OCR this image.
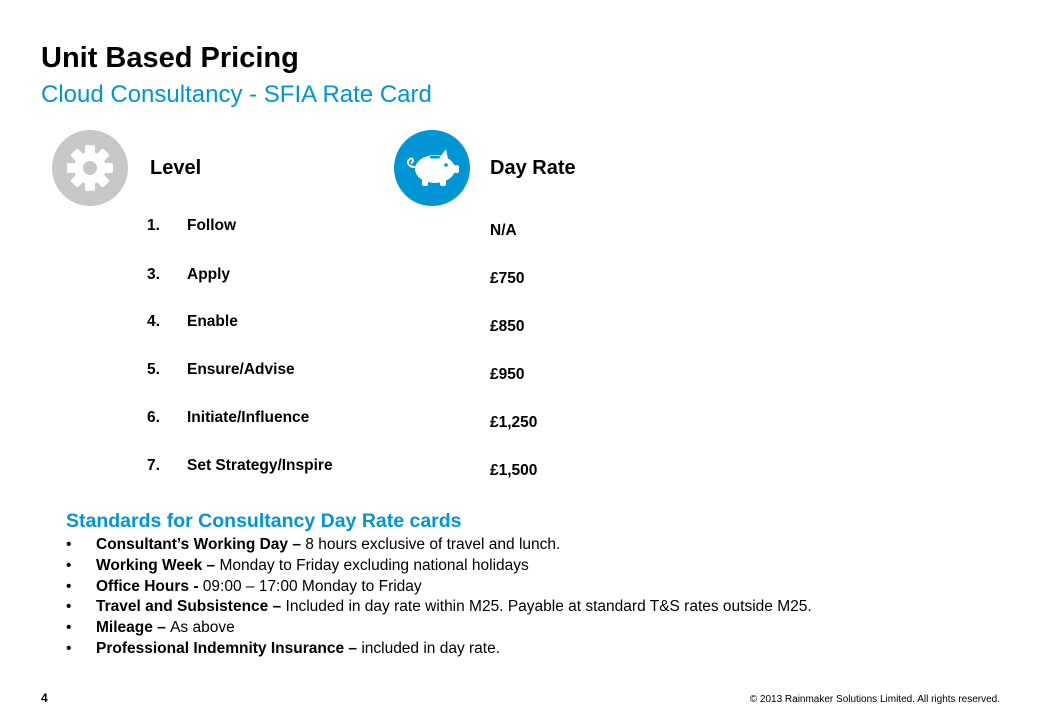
Unit Based Pricing
Cloud Consultancy - SFIA Rate Card
Level	Day Rate
1. Follow
3. Apply
4. Enable
5. Ensure/Advise
6. Initiate/Influence
7. Set Strategy/Inspire
N/A
£750
£850
£950
£1,250
£1,500
Standards for Consultancy Day Rate cards
• Consultant’s Working Day – 8 hours exclusive of travel and lunch.
• Working Week – Monday to Friday excluding national holidays
• Office Hours - 09:00 – 17:00 Monday to Friday
• Travel and Subsistence – Included in day rate within M25. Payable at standard T&S rates outside M25.
• Mileage – As above
• Professional Indemnity Insurance – included in day rate.
4	© 2013 Rainmaker Solutions Limited. All rights reserved.
